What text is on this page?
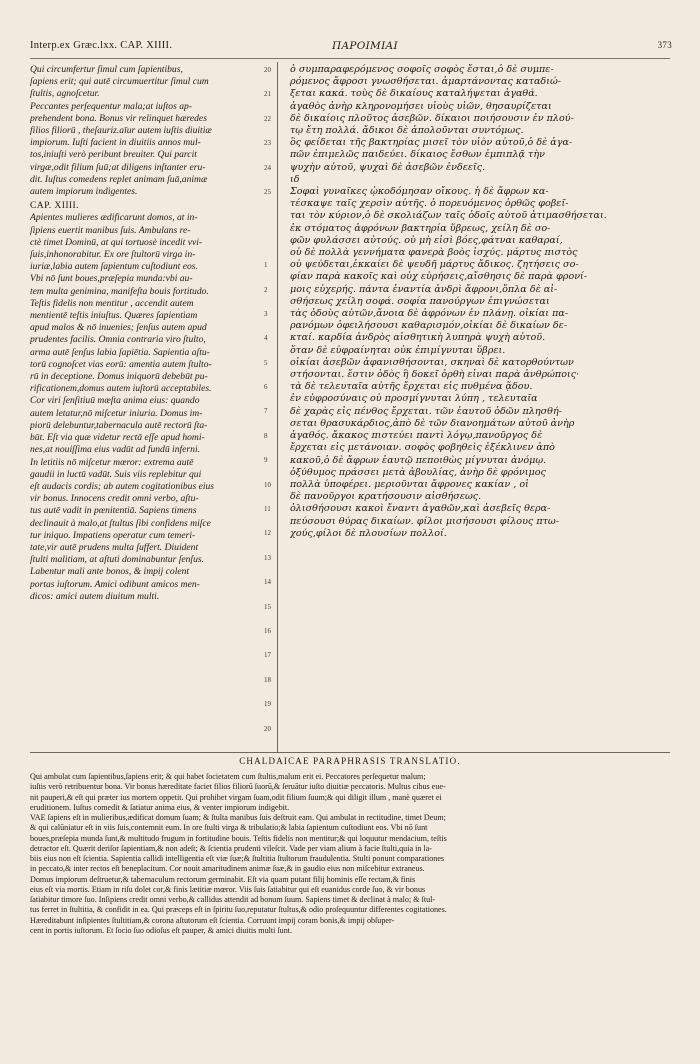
Interp.ex Græc.lxx. CAP. XIIII.	ΠΑΡΟΙΜΙΑΙ	373
Qui circumfertur ſimul cum ſapientibus,
ſapiens erit; qui autē circumuertitur ſimul cum
ſtultis, agnoſcetur.
Peccantes perſequentur mala;at iuſtos ap-
prehendent bona. Bonus vir relinquet hæredes
filios filiorū , theſauriz.aīur autem iuſtis diuitiæ
impiorum. Iuſti facient in diuitiis annos mul-
tos,iniuſti verò peribunt breuiter. Qui parcit
virgæ,odit filium ſuū;at diligens inſtanter eru-
dit. Iuſtus comedens replet animam ſuā,animæ
autem impiorum indigentes.
CAP. XIIII.
Apientes mulieres ædificarunt domos, at in-
ſipiens euertit manibus ſuis. Ambulans re-
ctè timet Dominū, at qui tortuosè incedit vvi-
ſuis,inhonorabitur. Ex ore ſtultorū virga in-
iuriæ,labia autem ſapientum cuſtodiunt eos.
Vbi nō ſunt boues,præſepia munda:vbi au-
tem multa genimina, manifeſta bouis fortitudo.
Teſtis fidelis non mentitur , accendit autem
mentientē teſtis iniuſtus. Quæres ſapientiam
apud malos & nō inuenies; ſenſus autem apud
prudentes facilis. Omnia contraria viro ſtulto,
arma autē ſenſus labia ſapiētia. Sapientia aſtu-
torū cognoſcet vias eorū: amentia autem ſtulto-
rū in deceptione. Domus iniquorū debebūt pu-
rificationem,domus autem iuſtorū acceptabiles.
Cor viri ſenſitiuū mœſta anima eius: quando
autem letatur,nō miſcetur iniuria. Domus im-
piorū delebuntur,tabernacula autē rectorū ſta-
būt. Eſt via quæ videtur rectā eſſe apud homi-
nes,at nouiſſima eius vadūt ad fundū inferni.
In letitiis nō miſcetur mœror: extrema autē
gaudii in luctū vadūt. Suis viis replebitur qui
eſt audacis cordis; ab autem cogitationibus eius
vir bonus. Innocens credit omni verbo, aſtu-
tus autē vadit in pœnitentiā. Sapiens timens
declinauit à malo,at ſtultus ſibi confidens miſce
tur iniquo. Impatiens operatur cum temeri-
tate,vir autē prudens multa ſuffert. Diuident
ſtulti malitiam, at aſtuti dominabuntur ſenſus.
Labentur mali ante bonos, & impij colent
portas iuſtorum. Amici odibunt amicos men-
dicos: amici autem diuitum multi.
20
21
22
23
24
25
1
2
3
4
5
6
7
8
9
10
11
12
13
14
15
16
17
18
19
20
ὁ συμπαραφερόμενος σοφοῖς σοφὸς ἔσται,ὁ δὲ συμπε-
ρόμενος ἄφροσι γνωσθήσεται. ἁμαρτάνοντας καταδιώ-
ξεται κακά. τοὺς δὲ δικαίους καταλήψεται ἀγαθά.
ἀγαθὸς ἀνὴρ κληρονομήσει υἱοὺς υἱῶν, θησαυρίζεται
δὲ δικαίοις πλοῦτος ἀσεβῶν. δίκαιοι ποιήσουσιν ἐν πλού-
τῳ ἔτη πολλά. ἄδικοι δὲ ἀπολοῦνται συντόμως.
ὃς φείδεται τῆς βακτηρίας μισεῖ τὸν υἱὸν αὐτοῦ,ὁ δὲ ἀγα-
πῶν ἐπιμελῶς παιδεύει. δίκαιος ἔσθων ἐμπιπλᾷ τὴν
ψυχὴν αὐτοῦ, ψυχαὶ δὲ ἀσεβῶν ἐνδεεῖς.
ιδ
Σοφαὶ γυναῖκες ᾠκοδόμησαν οἴκους. ἡ δὲ ἄφρων κα-
τέσκαψε ταῖς χερσὶν αὐτῆς. ὁ πορευόμενος ὀρθῶς φοβεῖ-
ται τὸν κύριον,ὁ δὲ σκολιάζων ταῖς ὁδοῖς αὐτοῦ ἀτιμασθήσεται.
ἐκ στόματος ἀφρόνων βακτηρία ὕβρεως, χείλη δὲ σο-
φῶν φυλάσσει αὐτούς. οὗ μὴ εἰσὶ βόες,φάτναι καθαραί,
οὗ δὲ πολλὰ γεννήματα φανερὰ βοὸς ἰσχύς. μάρτυς πιστὸς
οὐ ψεύδεται,ἐκκαίει δὲ ψευδῆ μάρτυς ἄδικος. ζητήσεις σο-
φίαν παρὰ κακοῖς καὶ οὐχ εὑρήσεις,αἴσθησις δὲ παρὰ φρονί-
μοις εὐχερής. πάντα ἐναντία ἀνδρὶ ἄφρονι,ὅπλα δὲ αἰ-
σθήσεως χείλη σοφά. σοφία πανούργων ἐπιγνώσεται
τὰς ὁδοὺς αὐτῶν,ἄνοια δὲ ἀφρόνων ἐν πλάνῃ. οἰκίαι πα-
ρανόμων ὀφειλήσουσι καθαρισμόν,οἰκίαι δὲ δικαίων δε-
κταί. καρδία ἀνδρὸς αἰσθητικὴ λυπηρὰ ψυχὴ αὐτοῦ.
ὅταν δὲ εὐφραίνηται οὐκ ἐπιμίγνυται ὕβρει.
οἰκίαι ἀσεβῶν ἀφανισθήσονται, σκηναὶ δὲ κατορθούντων
στήσονται. ἔστιν ὁδὸς ἣ δοκεῖ ὀρθὴ εἶναι παρὰ ἀνθρώποις·
τὰ δὲ τελευταῖα αὐτῆς ἔρχεται εἰς πυθμένα ᾅδου.
ἐν εὐφροσύναις οὐ προσμίγνυται λύπη , τελευταῖα
δὲ χαρὰς εἰς πένθος ἔρχεται. τῶν ἑαυτοῦ ὁδῶν πλησθή-
σεται θρασυκάρδιος,ἀπὸ δὲ τῶν διανοημάτων αὐτοῦ ἀνὴρ
ἀγαθός. ἄκακος πιστεύει παντὶ λόγῳ,πανοῦργος δὲ
ἔρχεται εἰς μετάνοιαν. σοφὸς φοβηθεὶς ἐξέκλινεν ἀπὸ
κακοῦ,ὁ δὲ ἄφρων ἑαυτῷ πεποιθὼς μίγνυται ἀνόμῳ.
ὀξύθυμος πράσσει μετὰ ἀβουλίας, ἀνὴρ δὲ φρόνιμος
πολλὰ ὑποφέρει. μεριοῦνται ἄφρονες κακίαν , οἱ
δὲ πανοῦργοι κρατήσουσιν αἰσθήσεως.
ὀλισθήσουσι κακοὶ ἔναντι ἀγαθῶν,καὶ ἀσεβεῖς θερα-
πεύσουσι θύρας δικαίων. φίλοι μισήσουσι φίλους πτω-
χούς,φίλοι δὲ πλουσίων πολλοί.
CHALDAICAE PARAPHRASIS TRANSLATIO.
Qui ambulat cum ſapientibus,ſapiens erit; & qui habet ſocietatem cum ſtultis,malum erit ei. Peccatores perſequetur malum;
iuſtis verò retribuentur bona. Vir bonus hæreditate faciet filios filiorū ſuorū,& ſeruātur iuſto diuitiæ peccatoris. Multus cibus eue-
nit pauperi,& eſt qui præter ius mortem oppetit. Qui prohibet virgam ſuam,odit filium ſuum;& qui diligit illum , manè quæret ei
eruditionem. Iuſtus comedit & ſatiatur anima eius, & venter impiorum indigebit.
VAE ſapiens eſt in mulieribus,ædificat domum ſuam; & ſtulta manibus ſuis deſtruit eam. Qui ambulat in rectitudine, timet Deum;
& qui calūniatur eſt in viis ſuis,contemnit eum. In ore ſtulti virga & tribulatio;& labia ſapientum cuſtodiunt eos. Vbi nō ſunt
boues,præſepia munda ſunt,& multitudo frugum in fortitudine bouis. Teſtis fidelis non mentitur;& qui loquutur mendacium, teſtis
detractor eſt. Quærit deriſor ſapientiam,& non adeſt; & ſcientia prudenti vileſcit. Vade per viam alium à facie ſtulti,quia in la-
biis eius non eſt ſcientia. Sapientia callidi intelligentia eſt viæ ſuæ;& ſtultitia ſtultorum fraudulentia. Stulti ponunt comparationes
in peccato,& inter rectos eſt beneplacitum. Cor nouit amaritudinem animæ ſuæ,& in gaudio eius non miſcebitur extraneus.
Domus impiorum deſtruetur,& tabernaculum rectorum germinabit. Eſt via quam putant filij hominis eſſe rectam,& finis
eius eſt via mortis. Etiam in riſu dolet cor,& finis lætitiæ mœror. Viis ſuis ſatiabitur qui eſt euanidus corde ſuo, & vir bonus
ſatiabitur timore ſuo. Inſipiens credit omni verbo,& callidus attendit ad bonum ſuum. Sapiens timet & declinat à malo; & ſtul-
tus ferret in ſtultitia, & confidit in ea. Qui præceps eſt in ſpiritu ſuo,reputatur ſtultus,& odio proſequuntur differentes cogitationes.
Hæreditabunt inſipientes ſtultitiam,& corona aſtutorum eſt ſcientia. Corruunt impij coram bonis,& impij obſuper-
cent in portis iuſtorum. Et ſocio ſuo odioſus eſt pauper, & amici diuitis multi ſunt.
